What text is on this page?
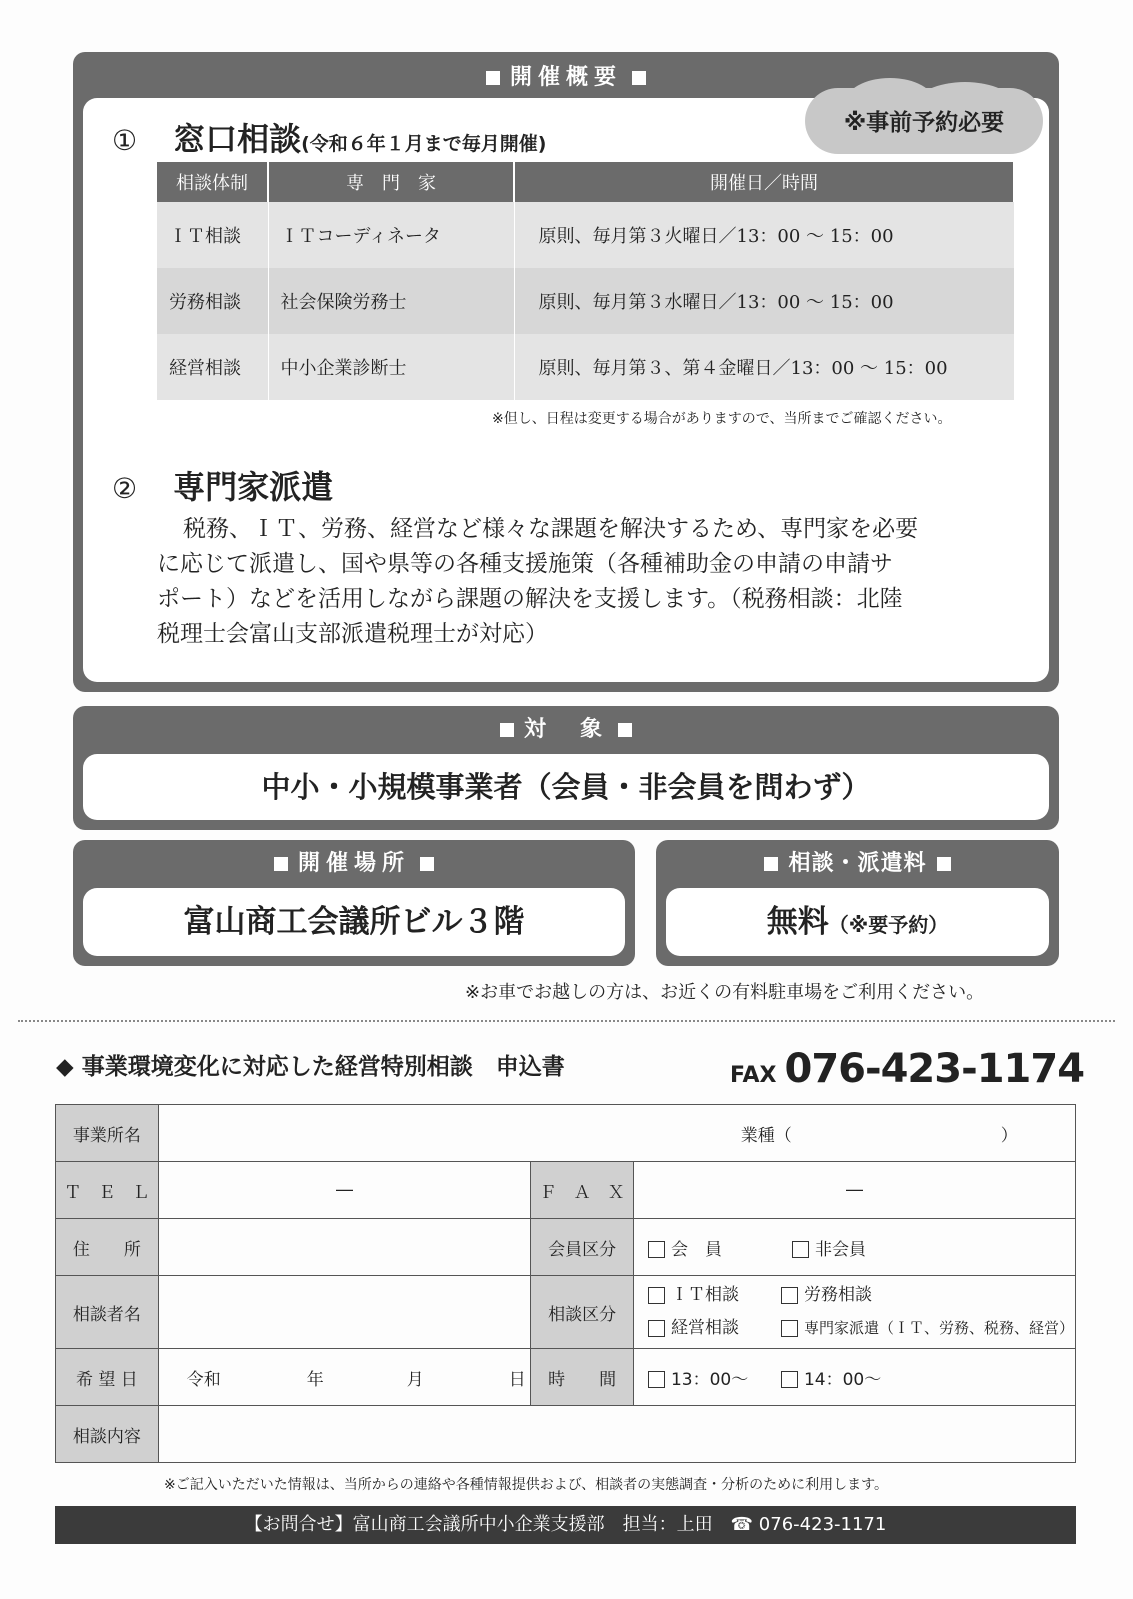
開催概要
※事前予約必要
① 窓口相談(令和６年１月まで毎月開催)
相談体制	専　門　家	開催日／時間
ＩＴ相談	ＩＴコーディネータ	原則、毎月第３火曜日／13：00 ～ 15：00
労務相談	社会保険労務士	原則、毎月第３水曜日／13：00 ～ 15：00
経営相談	中小企業診断士	原則、毎月第３、第４金曜日／13：00 ～ 15：00
※但し、日程は変更する場合がありますので、当所までご確認ください。
② 専門家派遣
税務、ＩＴ、労務、経営など様々な課題を解決するため、専門家を必要
に応じて派遣し、国や県等の各種支援施策（各種補助金の申請の申請サ
ポート）などを活用しながら課題の解決を支援します。（税務相談：北陸
税理士会富山支部派遣税理士が対応）
対　象
中小・小規模事業者（会員・非会員を問わず）
開催場所
富山商工会議所ビル３階
相談・派遣料
無料（※要予約）
※お車でお越しの方は、お近くの有料駐車場をご利用ください。
◆ 事業環境変化に対応した経営特別相談　申込書	FAX 076-423-1174
事業所名	業種（ ）		

Ｔ　Ｅ　Ｌ	―	Ｆ　Ａ　Ｘ	―
住　　所		会員区分	会　員 非会員
相談者名		相談区分	ＩＴ相談 労務相談
経営相談 専門家派遣（ＩＴ、労務、税務、経営）

希 望 日	令和 年 月 日	時　　間	13：00～ 14：00～
相談内容			
※ご記入いただいた情報は、当所からの連絡や各種情報提供および、相談者の実態調査・分析のために利用します。
【お問合せ】富山商工会議所中小企業支援部　担当：上田　☎ 076-423-1171
